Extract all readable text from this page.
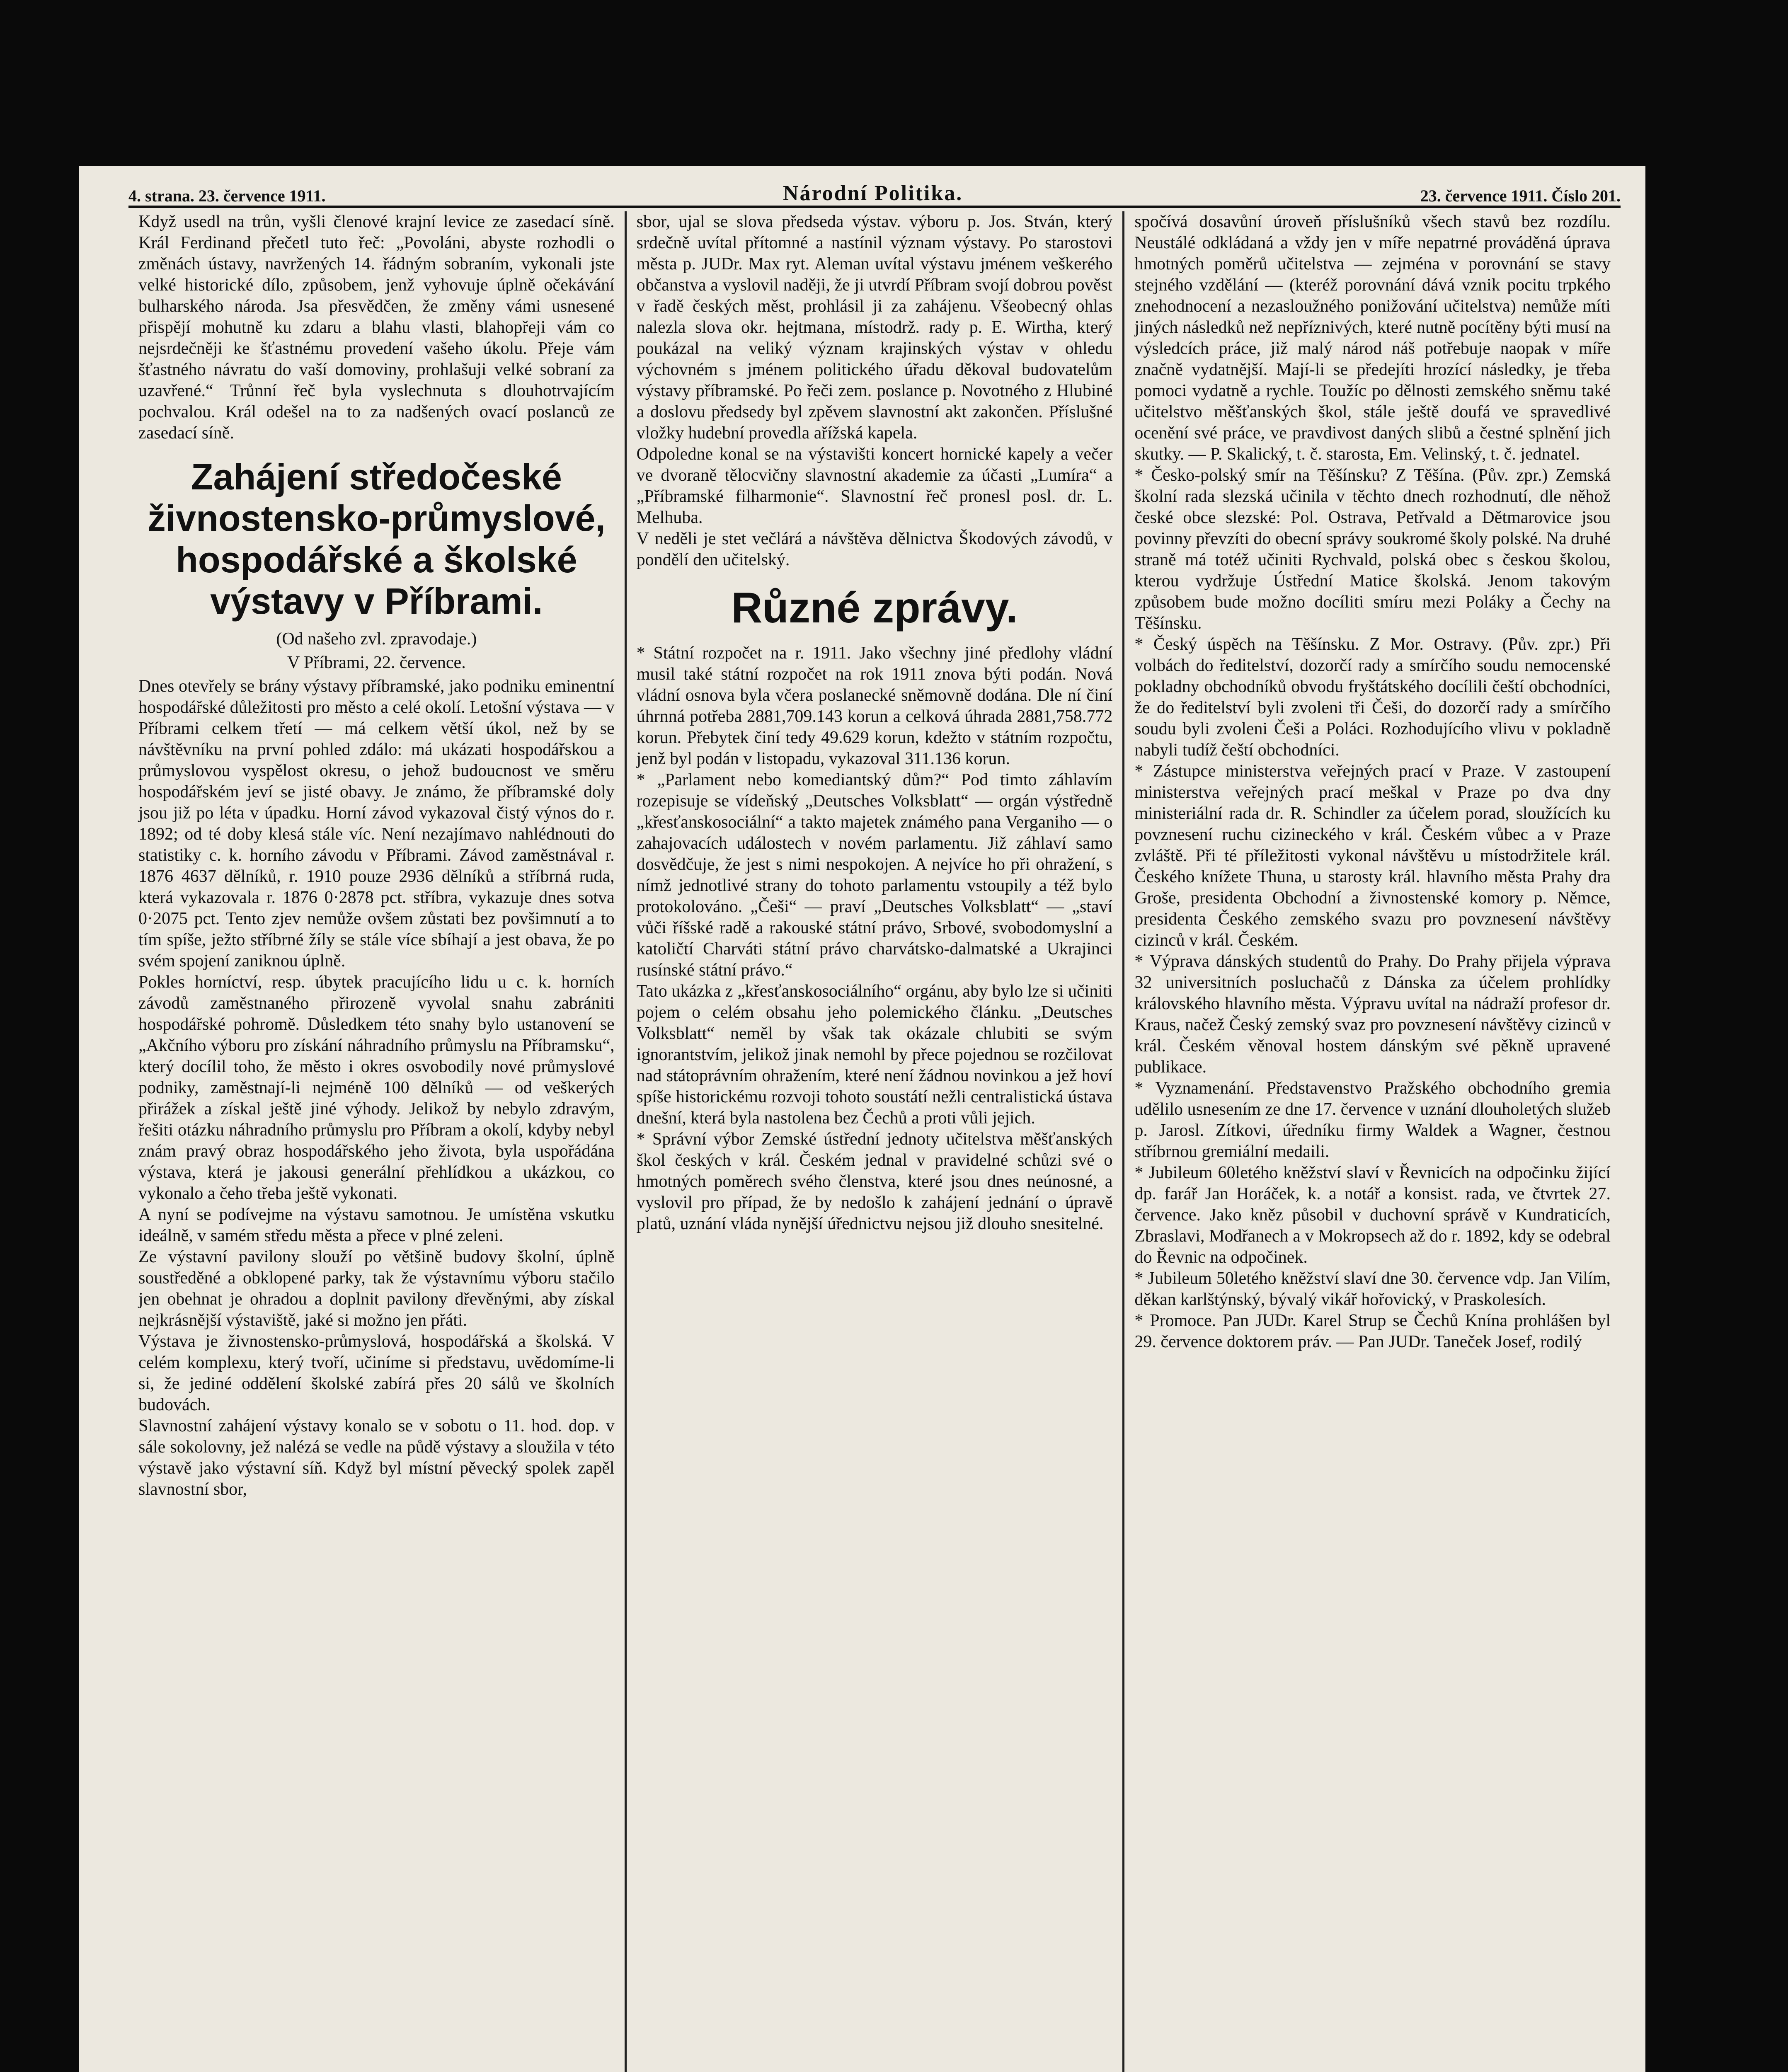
4. strana. 23. července 1911.	Národní Politika.	23. července 1911. Číslo 201.

Když usedl na trůn, vyšli členové krajní levice ze zasedací síně. Král Ferdinand přečetl tuto řeč: „Povoláni, abyste rozhodli o změnách ústavy, navržených 14. řádným sobraním, vykonali jste velké historické dílo, způsobem, jenž vyhovuje úplně očekávání bulharského národa. Jsa přesvědčen, že změny vámi usnesené přispějí mohutně ku zdaru a blahu vlasti, blahopřeji vám co nejsrdečněji ke šťastnému provedení vašeho úkolu. Přeje vám šťastného návratu do vaší domoviny, prohlašuji velké sobraní za uzavřené.“ Trůnní řeč byla vyslechnuta s dlouhotrvajícím pochvalou. Král odešel na to za nadšených ovací poslanců ze zasedací síně.

Zahájení středočeské živnostensko-průmyslové, hospodářské a školské výstavy v Příbrami.
(Od našeho zvl. zpravodaje.)
V Příbrami, 22. července.

Dnes otevřely se brány výstavy příbramské, jako podniku eminentní hospodářské důležitosti pro město a celé okolí. Letošní výstava — v Příbrami celkem třetí — má celkem větší úkol, než by se návštěvníku na první pohled zdálo: má ukázati hospodářskou a průmyslovou vyspělost okresu, o jehož budoucnost ve směru hospodářském jeví se jisté obavy. Je známo, že příbramské doly jsou již po léta v úpadku. Horní závod vykazoval čistý výnos do r. 1892; od té doby klesá stále víc. Není nezajímavo nahlédnouti do statistiky c. k. horního závodu v Příbrami. Závod zaměstnával r. 1876 4637 dělníků, r. 1910 pouze 2936 dělníků a stříbrná ruda, která vykazovala r. 1876 0·2878 pct. stříbra, vykazuje dnes sotva 0·2075 pct. Tento zjev nemůže ovšem zůstati bez povšimnutí a to tím spíše, ježto stříbrné žíly se stále více sbíhají a jest obava, že po svém spojení zaniknou úplně.

Pokles horníctví, resp. úbytek pracujícího lidu u c. k. horních závodů zaměstnaného přirozeně vyvolal snahu zabrániti hospodářské pohromě. Důsledkem této snahy bylo ustanovení se „Akčního výboru pro získání náhradního průmyslu na Příbramsku“, který docílil toho, že město i okres osvobodily nové průmyslové podniky, zaměstnají-li nejméně 100 dělníků — od veškerých přirážek a získal ještě jiné výhody. Jelikož by nebylo zdravým, řešiti otázku náhradního průmyslu pro Příbram a okolí, kdyby nebyl znám pravý obraz hospodářského jeho života, byla uspořádána výstava, která je jakousi generální přehlídkou a ukázkou, co vykonalo a čeho třeba ještě vykonati.

A nyní se podívejme na výstavu samotnou. Je umístěna vskutku ideálně, v samém středu města a přece v plné zeleni.

Ze výstavní pavilony slouží po většině budovy školní, úplně soustředěné a obklopené parky, tak že výstavnímu výboru stačilo jen obehnat je ohradou a doplnit pavilony dřevěnými, aby získal nejkrásnější výstaviště, jaké si možno jen přáti.

Výstava je živnostensko-průmyslová, hospodářská a školská. V celém komplexu, který tvoří, učiníme si představu, uvědomíme-li si, že jediné oddělení školské zabírá přes 20 sálů ve školních budovách.

Slavnostní zahájení výstavy konalo se v sobotu o 11. hod. dop. v sále sokolovny, jež nalézá se vedle na půdě výstavy a sloužila v této výstavě jako výstavní síň. Když byl místní pěvecký spolek zapěl slavnostní sbor,

sbor, ujal se slova předseda výstav. výboru p. Jos. Stván, který srdečně uvítal přítomné a nastínil význam výstavy. Po starostovi města p. JUDr. Max ryt. Aleman uvítal výstavu jménem veškerého občanstva a vyslovil naději, že ji utvrdí Příbram svojí dobrou pověst v řadě českých měst, prohlásil ji za zahájenu. Všeobecný ohlas nalezla slova okr. hejtmana, místodrž. rady p. E. Wirtha, který poukázal na veliký význam krajinských výstav v ohledu výchovném s jménem politického úřadu děkoval budovatelům výstavy příbramské. Po řeči zem. poslance p. Novotného z Hlubiné a doslovu předsedy byl zpěvem slavnostní akt zakončen. Příslušné vložky hudební provedla ařížská kapela.

Odpoledne konal se na výstavišti koncert hornické kapely a večer ve dvoraně tělocvičny slavnostní akademie za účasti „Lumíra“ a „Příbramské filharmonie“. Slavnostní řeč pronesl posl. dr. L. Melhuba.

V neděli je stet večlárá a návštěva dělnictva Škodových závodů, v pondělí den učitelský.

Různé zprávy.

* Státní rozpočet na r. 1911. Jako všechny jiné předlohy vládní musil také státní rozpočet na rok 1911 znova býti podán. Nová vládní osnova byla včera poslanecké sněmovně dodána. Dle ní činí úhrnná potřeba 2881,709.143 korun a celková úhrada 2881,758.772 korun. Přebytek činí tedy 49.629 korun, kdežto v státním rozpočtu, jenž byl podán v listopadu, vykazoval 311.136 korun.

* „Parlament nebo komediantský dům?“ Pod timto záhlavím rozepisuje se vídeňský „Deutsches Volksblatt“ — orgán výstředně „křesťanskosociální“ a takto majetek známého pana Verganiho — o zahajovacích událostech v novém parlamentu. Již záhlaví samo dosvědčuje, že jest s nimi nespokojen. A nejvíce ho při ohražení, s nímž jednotlivé strany do tohoto parlamentu vstoupily a též bylo protokolováno. „Češi“ — praví „Deutsches Volksblatt“ — „staví vůči říšské radě a rakouské státní právo, Srbové, svobodomyslní a katoličtí Charváti státní právo charvátsko-dalmatské a Ukrajinci rusínské státní právo.“

Tato ukázka z „křesťanskosociálního“ orgánu, aby bylo lze si učiniti pojem o celém obsahu jeho polemického článku. „Deutsches Volksblatt“ neměl by však tak okázale chlubiti se svým ignorantstvím, jelikož jinak nemohl by přece pojednou se rozčilovat nad státoprávním ohražením, které není žádnou novinkou a jež hoví spíše historickému rozvoji tohoto soustátí nežli centralistická ústava dnešní, která byla nastolena bez Čechů a proti vůli jejich.

* Správní výbor Zemské ústřední jednoty učitelstva měšťanských škol českých v král. Českém jednal v pravidelné schůzi své o hmotných poměrech svého členstva, které jsou dnes neúnosné, a vyslovil pro případ, že by nedošlo k zahájení jednání o úpravě platů, uznání vláda nynější úřednictvu nejsou již dlouho snesitelné.

spočívá dosavůní úroveň příslušníků všech stavů bez rozdílu. Neustálé odkládaná a vždy jen v míře nepatrné prováděná úprava hmotných poměrů učitelstva — zejména v porovnání se stavy stejného vzdělání — (kteréž porovnání dává vznik pocitu trpkého znehodnocení a nezasloužného ponižování učitelstva) nemůže míti jiných následků než nepříznivých, které nutně pocítěny býti musí na výsledcích práce, již malý národ náš potřebuje naopak v míře značně vydatnější. Mají-li se předejíti hrozící následky, je třeba pomoci vydatně a rychle. Toužíc po dělnosti zemského sněmu také učitelstvo měšťanských škol, stále ještě doufá ve spravedlivé ocenění své práce, ve pravdivost daných slibů a čestné splnění jich skutky. — P. Skalický, t. č. starosta, Em. Velinský, t. č. jednatel.

* Česko-polský smír na Těšínsku? Z Těšína. (Pův. zpr.) Zemská školní rada slezská učinila v těchto dnech rozhodnutí, dle něhož české obce slezské: Pol. Ostrava, Petřvald a Dětmarovice jsou povinny převzíti do obecní správy soukromé školy polské. Na druhé straně má totéž učiniti Rychvald, polská obec s českou školou, kterou vydržuje Ústřední Matice školská. Jenom takovým způsobem bude možno docíliti smíru mezi Poláky a Čechy na Těšínsku.

* Český úspěch na Těšínsku. Z Mor. Ostravy. (Pův. zpr.) Při volbách do ředitelství, dozorčí rady a smírčího soudu nemocenské pokladny obchodníků obvodu fryštátského docílili čeští obchodníci, že do ředitelství byli zvoleni tři Češi, do dozorčí rady a smírčího soudu byli zvoleni Češi a Poláci. Rozhodujícího vlivu v pokladně nabyli tudíž čeští obchodníci.

* Zástupce ministerstva veřejných prací v Praze. V zastoupení ministerstva veřejných prací meškal v Praze po dva dny ministeriální rada dr. R. Schindler za účelem porad, sloužících ku povznesení ruchu cizineckého v král. Českém vůbec a v Praze zvláště. Při té příležitosti vykonal návštěvu u místodržitele král. Českého knížete Thuna, u starosty král. hlavního města Prahy dra Groše, presidenta Obchodní a živnostenské komory p. Němce, presidenta Českého zemského svazu pro povznesení návštěvy cizinců v král. Českém.

* Výprava dánských studentů do Prahy. Do Prahy přijela výprava 32 universitních posluchačů z Dánska za účelem prohlídky královského hlavního města. Výpravu uvítal na nádraží profesor dr. Kraus, načež Český zemský svaz pro povznesení návštěvy cizinců v král. Českém věnoval hostem dánským své pěkně upravené publikace.

* Vyznamenání. Představenstvo Pražského obchodního gremia udělilo usnesením ze dne 17. července v uznání dlouholetých služeb p. Jarosl. Zítkovi, úředníku firmy Waldek a Wagner, čestnou stříbrnou gremiální medaili.

* Jubileum 60letého kněžství slaví v Řevnicích na odpočinku žijící dp. farář Jan Horáček, k. a notář a konsist. rada, ve čtvrtek 27. července. Jako kněz působil v duchovní správě v Kundraticích, Zbraslavi, Modřanech a v Mokropsech až do r. 1892, kdy se odebral do Řevnic na odpočinek.

* Jubileum 50letého kněžství slaví dne 30. července vdp. Jan Vilím, děkan karlštýnský, bývalý vikář hořovický, v Praskolesích.

* Promoce. Pan JUDr. Karel Strup se Čechů Knína prohlášen byl 29. července doktorem práv. — Pan JUDr. Taneček Josef, rodilý
